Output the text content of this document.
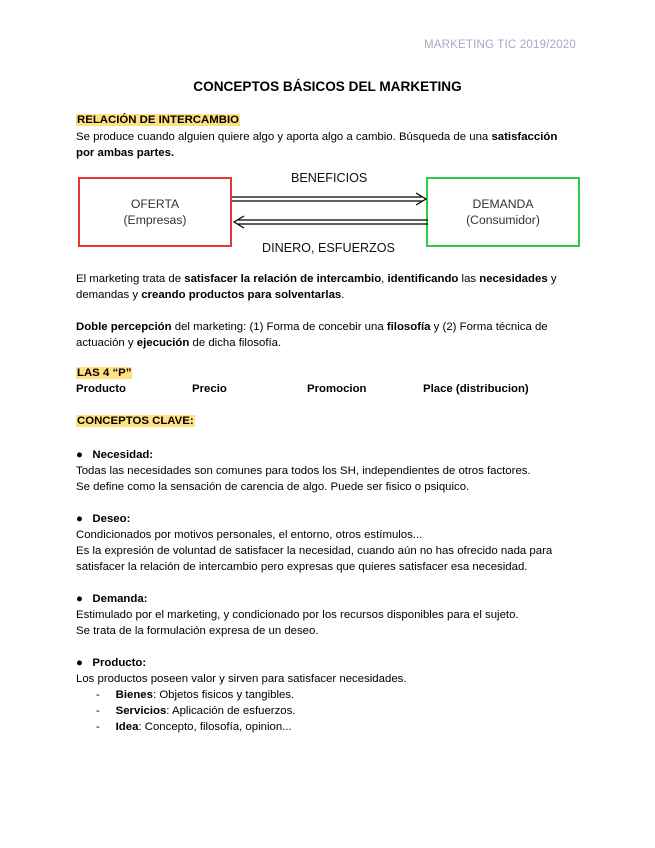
MARKETING TIC 2019/2020
CONCEPTOS BÁSICOS DEL MARKETING
RELACIÓN DE INTERCAMBIO
Se produce cuando alguien quiere algo y aporta algo a cambio. Búsqueda de una satisfacción
por ambas partes.
OFERTA
(Empresas)
DEMANDA
(Consumidor)
BENEFICIOS
DINERO, ESFUERZOS
El marketing trata de satisfacer la relación de intercambio, identificando las necesidades y
demandas y creando productos para solventarlas.
Doble percepción del marketing: (1) Forma de concebir una filosofía y (2) Forma técnica de
actuación y ejecución de dicha filosofía.
LAS 4 “P”
Producto	Precio	Promocion	Place (distribucion)
CONCEPTOS CLAVE:
● Necesidad:
Todas las necesidades son comunes para todos los SH, independientes de otros factores.
Se define como la sensación de carencia de algo. Puede ser fisico o psiquico.
● Deseo:
Condicionados por motivos personales, el entorno, otros estímulos...
Es la expresión de voluntad de satisfacer la necesidad, cuando aún no has ofrecido nada para
satisfacer la relación de intercambio pero expresas que quieres satisfacer esa necesidad.
● Demanda:
Estimulado por el marketing, y condicionado por los recursos disponibles para el sujeto.
Se trata de la formulación expresa de un deseo.
● Producto:
Los productos poseen valor y sirven para satisfacer necesidades.
- Bienes: Objetos fisicos y tangibles.
- Servicios: Aplicación de esfuerzos.
- Idea: Concepto, filosofía, opinion...
